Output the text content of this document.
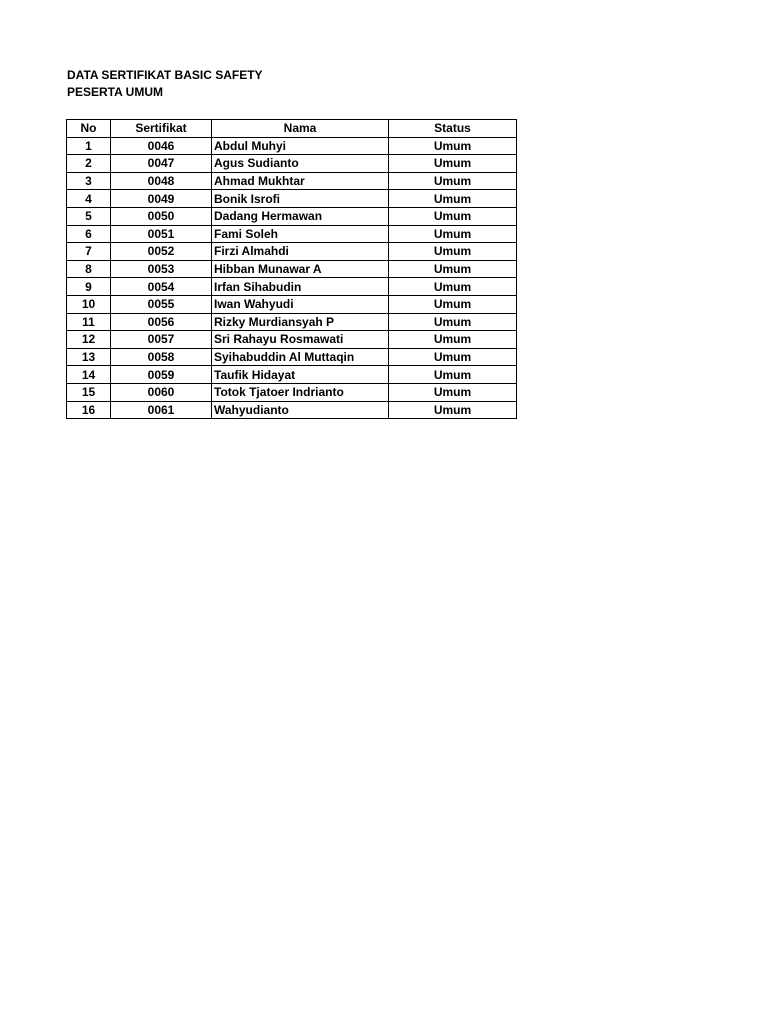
DATA SERTIFIKAT BASIC SAFETY
PESERTA UMUM
No	Sertifikat	Nama	Status
1	0046	Abdul Muhyi	Umum
2	0047	Agus Sudianto	Umum
3	0048	Ahmad Mukhtar	Umum
4	0049	Bonik Isrofi	Umum
5	0050	Dadang Hermawan	Umum
6	0051	Fami Soleh	Umum
7	0052	Firzi Almahdi	Umum
8	0053	Hibban Munawar A	Umum
9	0054	Irfan Sihabudin	Umum
10	0055	Iwan Wahyudi	Umum
11	0056	Rizky Murdiansyah P	Umum
12	0057	Sri Rahayu Rosmawati	Umum
13	0058	Syihabuddin Al Muttaqin	Umum
14	0059	Taufik Hidayat	Umum
15	0060	Totok Tjatoer Indrianto	Umum
16	0061	Wahyudianto	Umum
